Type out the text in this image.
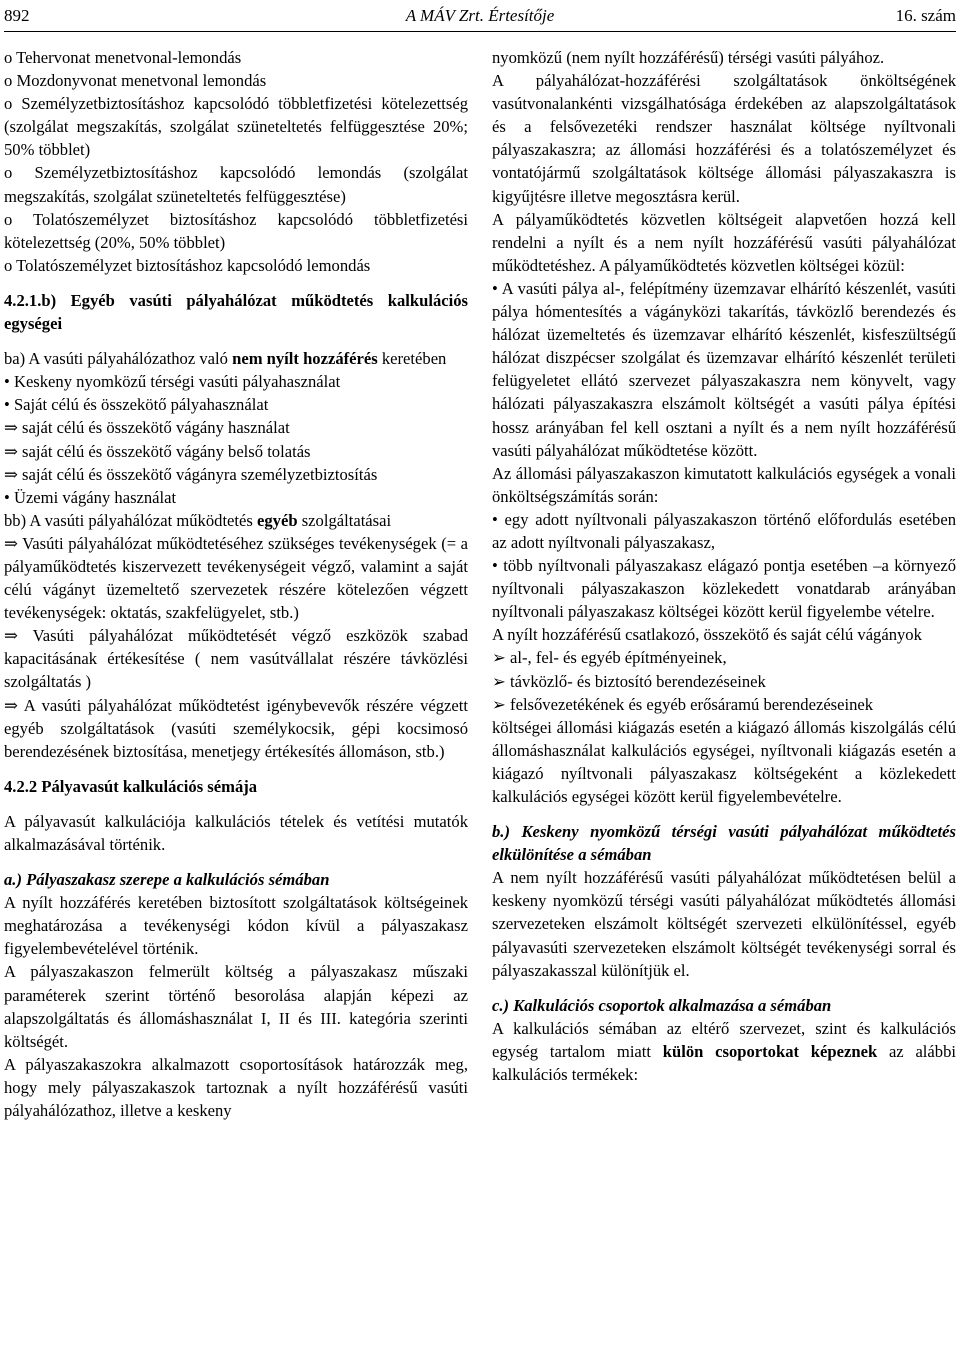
892	A MÁV Zrt. Értesítője	16. szám

o Tehervonat menetvonal-lemondás

o Mozdonyvonat menetvonal lemondás

o Személyzetbiztosításhoz kapcsolódó többletfizetési kötelezettség (szolgálat megszakítás, szolgálat szüneteltetés felfüggesztése 20%; 50% többlet)

o Személyzetbiztosításhoz kapcsolódó lemondás (szolgálat megszakítás, szolgálat szüneteltetés felfüggesztése)

o Tolatószemélyzet biztosításhoz kapcsolódó többletfizetési kötelezettség (20%, 50% többlet)

o Tolatószemélyzet biztosításhoz kapcsolódó lemondás

4.2.1.b) Egyéb vasúti pályahálózat működtetés kalkulációs egységei

ba) A vasúti pályahálózathoz való nem nyílt hozzáférés keretében

• Keskeny nyomközű térségi vasúti pályahasználat

• Saját célú és összekötő pályahasználat

⇒ saját célú és összekötő vágány használat

⇒ saját célú és összekötő vágány belső tolatás

⇒ saját célú és összekötő vágányra személyzetbiztosítás

• Üzemi vágány használat

bb) A vasúti pályahálózat működtetés egyéb szolgáltatásai

⇒ Vasúti pályahálózat működtetéséhez szükséges tevékenységek (= a pályaműködtetés kiszervezett tevékenységeit végző, valamint a saját célú vágányt üzemeltető szervezetek részére kötelezően végzett tevékenységek: oktatás, szakfelügyelet, stb.)

⇒ Vasúti pályahálózat működtetését végző eszközök szabad kapacitásának értékesítése ( nem vasútvállalat részére távközlési szolgáltatás )

⇒ A vasúti pályahálózat működtetést igénybevevők részére végzett egyéb szolgáltatások (vasúti személykocsik, gépi kocsimosó berendezésének biztosítása, menetjegy értékesítés állomáson, stb.)

4.2.2 Pályavasút kalkulációs sémája

A pályavasút kalkulációja kalkulációs tételek és vetítési mutatók alkalmazásával történik.

a.) Pályaszakasz szerepe a kalkulációs sémában

A nyílt hozzáférés keretében biztosított szolgáltatások költségeinek meghatározása a tevékenységi kódon kívül a pályaszakasz figyelembevételével történik.

A pályaszakaszon felmerült költség a pályaszakasz műszaki paraméterek szerint történő besorolása alapján képezi az alapszolgáltatás és állomáshasználat I, II és III. kategória szerinti költségét.

A pályaszakaszokra alkalmazott csoportosítások határozzák meg, hogy mely pályaszakaszok tartoznak a nyílt hozzáférésű vasúti pályahálózathoz, illetve a keskeny

nyomközű (nem nyílt hozzáférésű) térségi vasúti pályához.

A pályahálózat-hozzáférési szolgáltatások önköltségének vasútvonalankénti vizsgálhatósága érdekében az alapszolgáltatások és a felsővezetéki rendszer használat költsége nyíltvonali pályaszakaszra; az állomási hozzáférési és a tolatószemélyzet és vontatójármű szolgáltatások költsége állomási pályaszakaszra is kigyűjtésre illetve megosztásra kerül.

A pályaműködtetés közvetlen költségeit alapvetően hozzá kell rendelni a nyílt és a nem nyílt hozzáférésű vasúti pályahálózat működtetéshez. A pályaműködtetés közvetlen költségei közül:

• A vasúti pálya al-, felépítmény üzemzavar elhárító készenlét, vasúti pálya hómentesítés a vágányközi takarítás, távközlő berendezés és hálózat üzemeltetés és üzemzavar elhárító készenlét, kisfeszültségű hálózat diszpécser szolgálat és üzemzavar elhárító készenlét területi felügyeletet ellátó szervezet pályaszakaszra nem könyvelt, vagy hálózati pályaszakaszra elszámolt költségét a vasúti pálya építési hossz arányában fel kell osztani a nyílt és a nem nyílt hozzáférésű vasúti pályahálózat működtetése között.

Az állomási pályaszakaszon kimutatott kalkulációs egységek a vonali önköltségszámítás során:

• egy adott nyíltvonali pályaszakaszon történő előfordulás esetében az adott nyíltvonali pályaszakasz,

• több nyíltvonali pályaszakasz elágazó pontja esetében –a környező nyíltvonali pályaszakaszon közlekedett vonatdarab arányában nyíltvonali pályaszakasz költségei között kerül figyelembe vételre.

A nyílt hozzáférésű csatlakozó, összekötő és saját célú vágányok

➢ al-, fel- és egyéb építményeinek,

➢ távközlő- és biztosító berendezéseinek

➢ felsővezetékének és egyéb erősáramú berendezéseinek

költségei állomási kiágazás esetén a kiágazó állomás kiszolgálás célú állomáshasználat kalkulációs egységei, nyíltvonali kiágazás esetén a kiágazó nyíltvonali pályaszakasz költségeként a közlekedett kalkulációs egységei között kerül figyelembevételre.

b.) Keskeny nyomközű térségi vasúti pályahálózat működtetés elkülönítése a sémában

A nem nyílt hozzáférésű vasúti pályahálózat működtetésen belül a keskeny nyomközű térségi vasúti pályahálózat működtetés állomási szervezeteken elszámolt költségét szervezeti elkülönítéssel, egyéb pályavasúti szervezeteken elszámolt költségét tevékenységi sorral és pályaszakasszal különítjük el.

c.) Kalkulációs csoportok alkalmazása a sémában

A kalkulációs sémában az eltérő szervezet, szint és kalkulációs egység tartalom miatt külön csoportokat képeznek az alábbi kalkulációs termékek:
